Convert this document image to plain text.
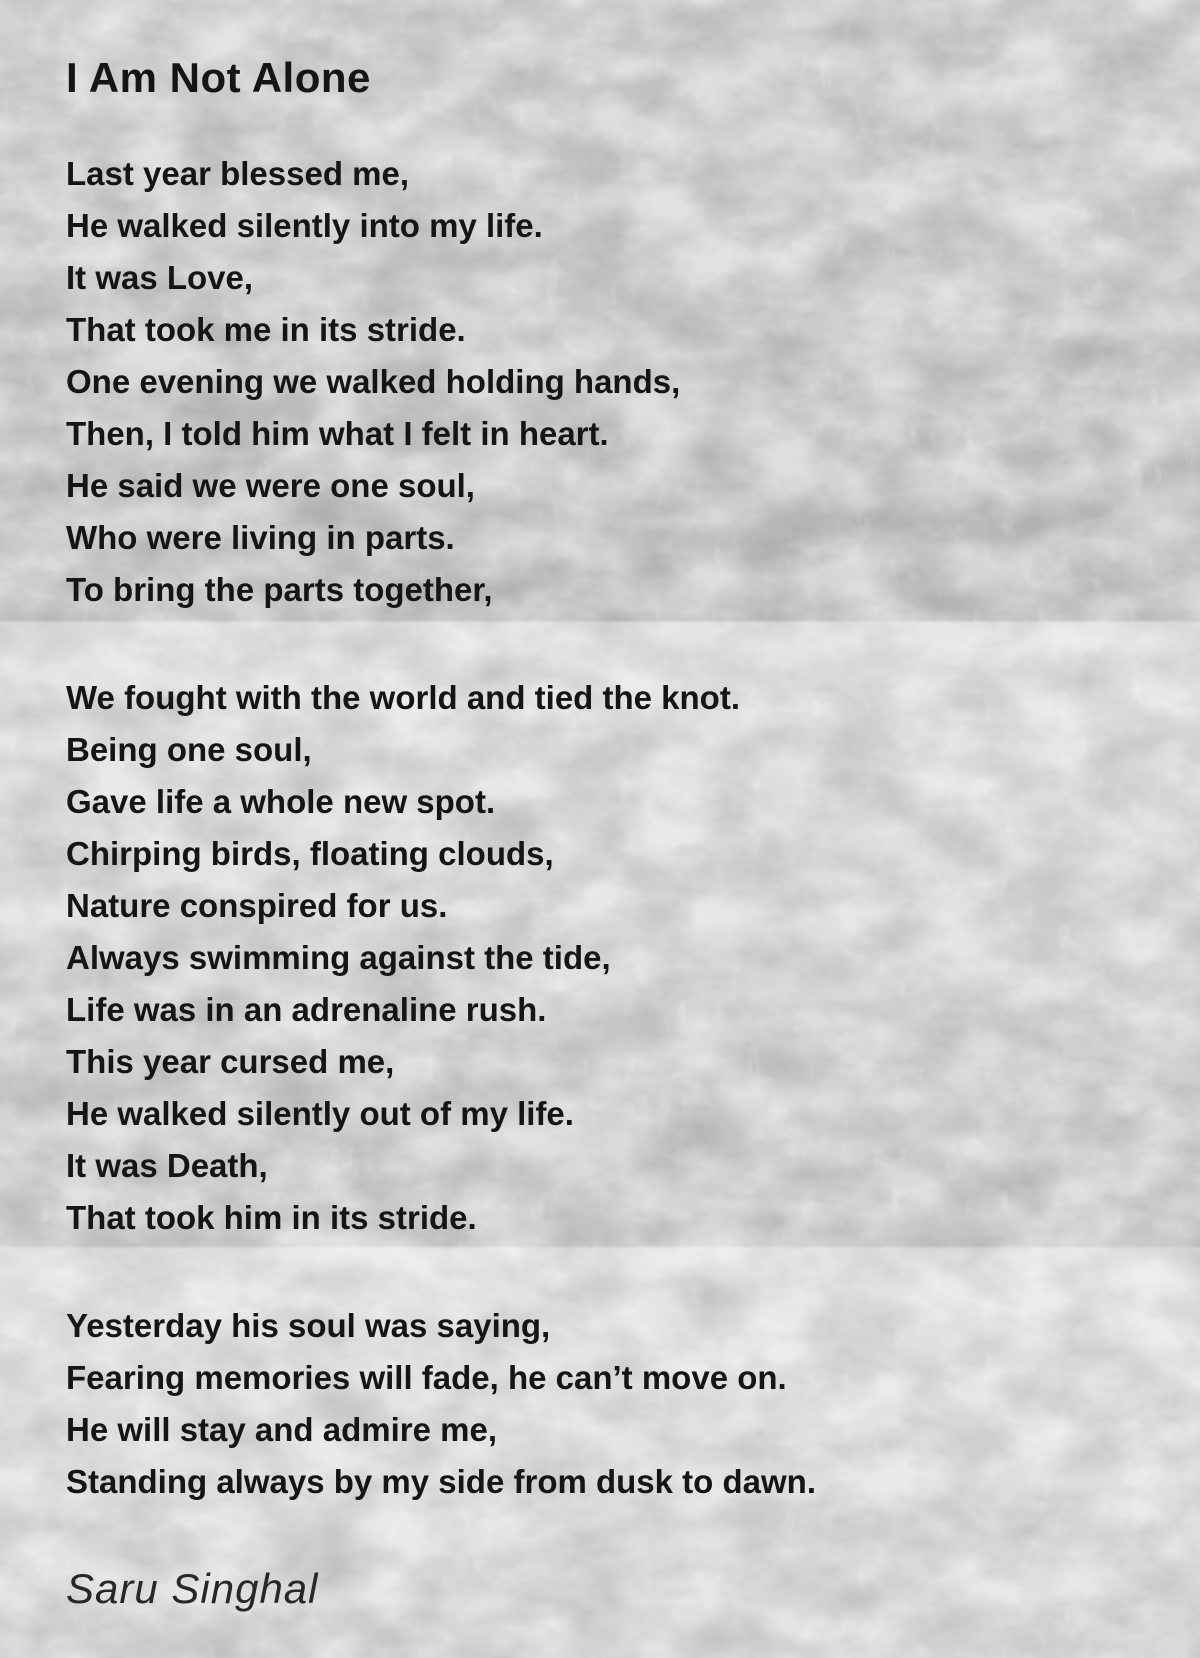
I Am Not Alone
Last year blessed me,
He walked silently into my life.
It was Love,
That took me in its stride.
One evening we walked holding hands,
Then, I told him what I felt in heart.
He said we were one soul,
Who were living in parts.
To bring the parts together,
We fought with the world and tied the knot.
Being one soul,
Gave life a whole new spot.
Chirping birds, floating clouds,
Nature conspired for us.
Always swimming against the tide,
Life was in an adrenaline rush.
This year cursed me,
He walked silently out of my life.
It was Death,
That took him in its stride.
Yesterday his soul was saying,
Fearing memories will fade, he can’t move on.
He will stay and admire me,
Standing always by my side from dusk to dawn.
Saru Singhal
